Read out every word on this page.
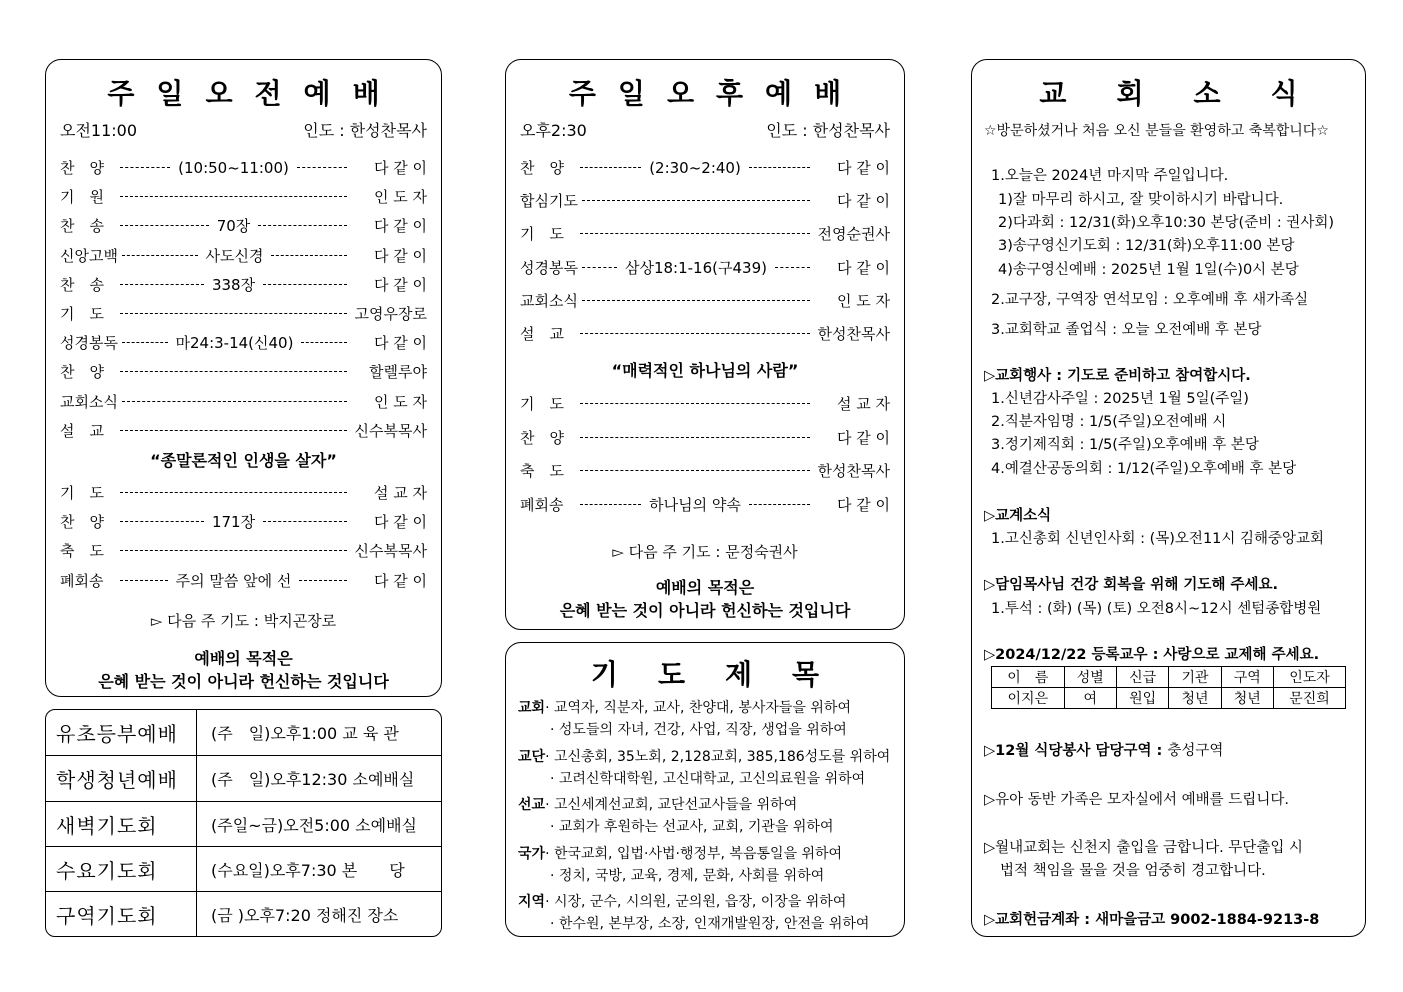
주일오전예배
오전11:00	인도 : 한성찬목사
찬　양	(10:50~11:00)	다 같 이
기　원	인 도 자
찬　송	70장	다 같 이
신앙고백	사도신경	다 같 이
찬　송	338장	다 같 이
기　도	고영우장로
성경봉독	마24:3-14(신40)	다 같 이
찬　양	할렐루야
교회소식	인 도 자
설　교	신수복목사
“종말론적인 인생을 살자”
기　도	설 교 자
찬　양	171장	다 같 이
축　도	신수복목사
폐회송	주의 말씀 앞에 선	다 같 이
▻ 다음 주 기도 : 박지곤장로
예배의 목적은
은혜 받는 것이 아니라 헌신하는 것입니다
유초등부예배	(주　일)오후1:00 교 육 관
학생청년예배	(주　일)오후12:30 소예배실
새벽기도회	(주일~금)오전5:00 소예배실
수요기도회	(수요일)오후7:30 본　　당
구역기도회	(금 )오후7:20 정해진 장소
주일오후예배
오후2:30	인도 : 한성찬목사
찬　양	(2:30~2:40)	다 같 이
합심기도	다 같 이
기　도	전영순권사
성경봉독	삼상18:1-16(구439)	다 같 이
교회소식	인 도 자
설　교	한성찬목사
“매력적인 하나님의 사람”
기　도	설 교 자
찬　양	다 같 이
축　도	한성찬목사
폐회송	하나님의 약속	다 같 이
▻ 다음 주 기도 : 문정숙권사
예배의 목적은
은혜 받는 것이 아니라 헌신하는 것입니다
기도제목
교회· 교역자, 직분자, 교사, 찬양대, 봉사자들을 위하여
· 성도들의 자녀, 건강, 사업, 직장, 생업을 위하여
교단· 고신총회, 35노회, 2,128교회, 385,186성도를 위하여
· 고려신학대학원, 고신대학교, 고신의료원을 위하여
선교· 고신세계선교회, 교단선교사들을 위하여
· 교회가 후원하는 선교사, 교회, 기관을 위하여
국가· 한국교회, 입법·사법·행정부, 복음통일을 위하여
· 정치, 국방, 교육, 경제, 문화, 사회를 위하여
지역· 시장, 군수, 시의원, 군의원, 읍장, 이장을 위하여
· 한수원, 본부장, 소장, 인재개발원장, 안전을 위하여
교회소식
☆방문하셨거나 처음 오신 분들을 환영하고 축복합니다☆
1.오늘은 2024년 마지막 주일입니다.
1)잘 마무리 하시고, 잘 맞이하시기 바랍니다.
2)다과회 : 12/31(화)오후10:30 본당(준비 : 권사회)
3)송구영신기도회 : 12/31(화)오후11:00 본당
4)송구영신예배 : 2025년 1월 1일(수)0시 본당
2.교구장, 구역장 연석모임 : 오후예배 후 새가족실
3.교회학교 졸업식 : 오늘 오전예배 후 본당
▷교회행사 : 기도로 준비하고 참여합시다.
1.신년감사주일 : 2025년 1월 5일(주일)
2.직분자임명 : 1/5(주일)오전예배 시
3.정기제직회 : 1/5(주일)오후예배 후 본당
4.예결산공동의회 : 1/12(주일)오후예배 후 본당
▷교계소식
1.고신총회 신년인사회 : (목)오전11시 김해중앙교회
▷담임목사님 건강 회복을 위해 기도해 주세요.
1.투석 : (화) (목) (토) 오전8시~12시 센텀종합병원
▷2024/12/22 등록교우 : 사랑으로 교제해 주세요.
이　름	성별	신급	기관	구역	인도자
이지은	여	원입	청년	청년	문진희
▷12월 식당봉사 담당구역 : 충성구역
▷유아 동반 가족은 모자실에서 예배를 드립니다.
▷월내교회는 신천지 출입을 금합니다. 무단출입 시
법적 책임을 물을 것을 엄중히 경고합니다.
▷교회헌금계좌 : 새마을금고 9002-1884-9213-8
